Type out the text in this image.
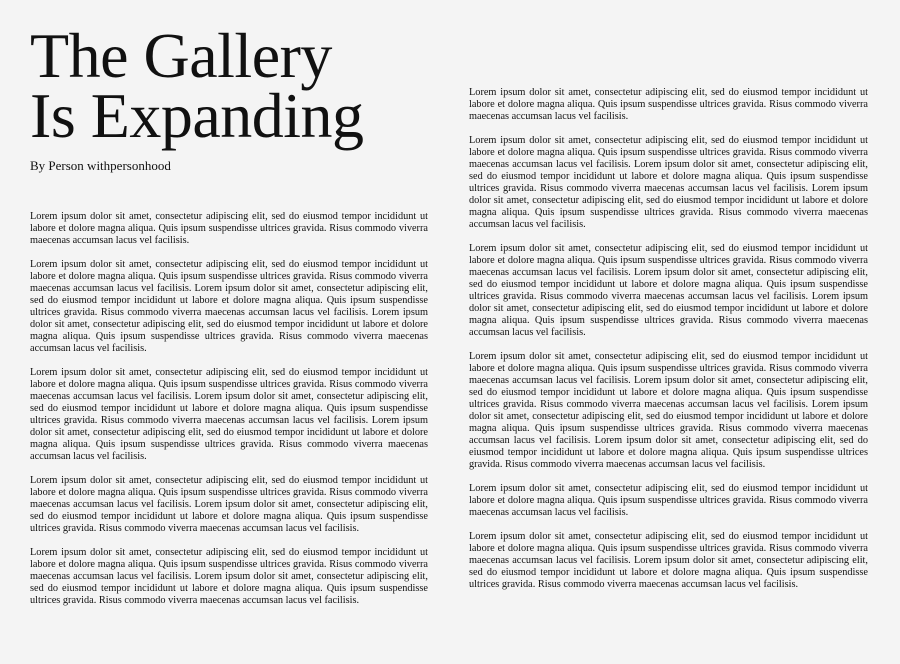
The Gallery
Is Expanding

By Person withpersonhood

Lorem ipsum dolor sit amet, consectetur adipiscing elit, sed do eiusmod tempor incididunt ut labore et dolore magna aliqua. Quis ipsum suspendisse ultrices gravida. Risus commodo viverra maecenas accumsan lacus vel facilisis.

Lorem ipsum dolor sit amet, consectetur adipiscing elit, sed do eiusmod tempor incididunt ut labore et dolore magna aliqua. Quis ipsum suspendisse ultrices gravida. Risus commodo viverra maecenas accumsan lacus vel facilisis. Lorem ipsum dolor sit amet, consectetur adipiscing elit, sed do eiusmod tempor incididunt ut labore et dolore magna aliqua. Quis ipsum suspendisse ultrices gravida. Risus commodo viverra maecenas accumsan lacus vel facilisis. Lorem ipsum dolor sit amet, consectetur adipiscing elit, sed do eiusmod tempor incididunt ut labore et dolore magna aliqua. Quis ipsum suspendisse ultrices gravida. Risus commodo viverra maecenas accumsan lacus vel facilisis.

Lorem ipsum dolor sit amet, consectetur adipiscing elit, sed do eiusmod tempor incididunt ut labore et dolore magna aliqua. Quis ipsum suspendisse ultrices gravida. Risus commodo viverra maecenas accumsan lacus vel facilisis. Lorem ipsum dolor sit amet, consectetur adipiscing elit, sed do eiusmod tempor incididunt ut labore et dolore magna aliqua. Quis ipsum suspendisse ultrices gravida. Risus commodo viverra maecenas accumsan lacus vel facilisis. Lorem ipsum dolor sit amet, consectetur adipiscing elit, sed do eiusmod tempor incididunt ut labore et dolore magna aliqua. Quis ipsum suspendisse ultrices gravida. Risus commodo viverra maecenas accumsan lacus vel facilisis.

Lorem ipsum dolor sit amet, consectetur adipiscing elit, sed do eiusmod tempor incididunt ut labore et dolore magna aliqua. Quis ipsum suspendisse ultrices gravida. Risus commodo viverra maecenas accumsan lacus vel facilisis. Lorem ipsum dolor sit amet, consectetur adipiscing elit, sed do eiusmod tempor incididunt ut labore et dolore magna aliqua. Quis ipsum suspendisse ultrices gravida. Risus commodo viverra maecenas accumsan lacus vel facilisis.

Lorem ipsum dolor sit amet, consectetur adipiscing elit, sed do eiusmod tempor incididunt ut labore et dolore magna aliqua. Quis ipsum suspendisse ultrices gravida. Risus commodo viverra maecenas accumsan lacus vel facilisis. Lorem ipsum dolor sit amet, consectetur adipiscing elit, sed do eiusmod tempor incididunt ut labore et dolore magna aliqua. Quis ipsum suspendisse ultrices gravida. Risus commodo viverra maecenas accumsan lacus vel facilisis.

Lorem ipsum dolor sit amet, consectetur adipiscing elit, sed do eiusmod tempor incididunt ut labore et dolore magna aliqua. Quis ipsum suspendisse ultrices gravida. Risus commodo viverra maecenas accumsan lacus vel facilisis.

Lorem ipsum dolor sit amet, consectetur adipiscing elit, sed do eiusmod tempor incididunt ut labore et dolore magna aliqua. Quis ipsum suspendisse ultrices gravida. Risus commodo viverra maecenas accumsan lacus vel facilisis. Lorem ipsum dolor sit amet, consectetur adipiscing elit, sed do eiusmod tempor incididunt ut labore et dolore magna aliqua. Quis ipsum suspendisse ultrices gravida. Risus commodo viverra maecenas accumsan lacus vel facilisis. Lorem ipsum dolor sit amet, consectetur adipiscing elit, sed do eiusmod tempor incididunt ut labore et dolore magna aliqua. Quis ipsum suspendisse ultrices gravida. Risus commodo viverra maecenas accumsan lacus vel facilisis.

Lorem ipsum dolor sit amet, consectetur adipiscing elit, sed do eiusmod tempor incididunt ut labore et dolore magna aliqua. Quis ipsum suspendisse ultrices gravida. Risus commodo viverra maecenas accumsan lacus vel facilisis. Lorem ipsum dolor sit amet, consectetur adipiscing elit, sed do eiusmod tempor incididunt ut labore et dolore magna aliqua. Quis ipsum suspendisse ultrices gravida. Risus commodo viverra maecenas accumsan lacus vel facilisis. Lorem ipsum dolor sit amet, consectetur adipiscing elit, sed do eiusmod tempor incididunt ut labore et dolore magna aliqua. Quis ipsum suspendisse ultrices gravida. Risus commodo viverra maecenas accumsan lacus vel facilisis.

Lorem ipsum dolor sit amet, consectetur adipiscing elit, sed do eiusmod tempor incididunt ut labore et dolore magna aliqua. Quis ipsum suspendisse ultrices gravida. Risus commodo viverra maecenas accumsan lacus vel facilisis. Lorem ipsum dolor sit amet, consectetur adipiscing elit, sed do eiusmod tempor incididunt ut labore et dolore magna aliqua. Quis ipsum suspendisse ultrices gravida. Risus commodo viverra maecenas accumsan lacus vel facilisis. Lorem ipsum dolor sit amet, consectetur adipiscing elit, sed do eiusmod tempor incididunt ut labore et dolore magna aliqua. Quis ipsum suspendisse ultrices gravida. Risus commodo viverra maecenas accumsan lacus vel facilisis. Lorem ipsum dolor sit amet, consectetur adipiscing elit, sed do eiusmod tempor incididunt ut labore et dolore magna aliqua. Quis ipsum suspendisse ultrices gravida. Risus commodo viverra maecenas accumsan lacus vel facilisis.

Lorem ipsum dolor sit amet, consectetur adipiscing elit, sed do eiusmod tempor incididunt ut labore et dolore magna aliqua. Quis ipsum suspendisse ultrices gravida. Risus commodo viverra maecenas accumsan lacus vel facilisis.

Lorem ipsum dolor sit amet, consectetur adipiscing elit, sed do eiusmod tempor incididunt ut labore et dolore magna aliqua. Quis ipsum suspendisse ultrices gravida. Risus commodo viverra maecenas accumsan lacus vel facilisis. Lorem ipsum dolor sit amet, consectetur adipiscing elit, sed do eiusmod tempor incididunt ut labore et dolore magna aliqua. Quis ipsum suspendisse ultrices gravida. Risus commodo viverra maecenas accumsan lacus vel facilisis.
